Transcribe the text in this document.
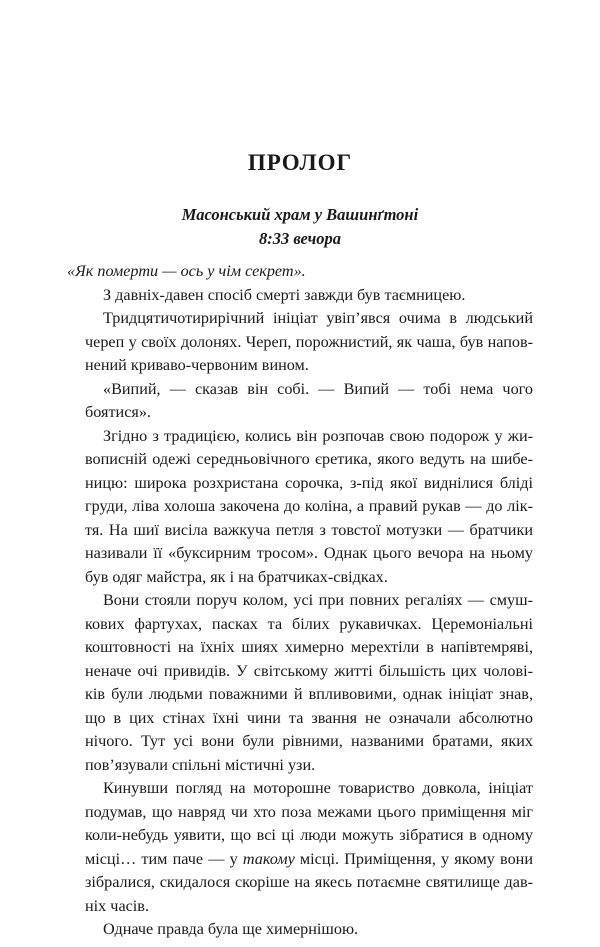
ПРОЛОГ
Масонський храм у Вашинґтоні
8:33 вечора

«Як померти — ось у чім секрет».

З давніх-давен спосіб смерті завжди був таємницею.

Тридцятичотирирічний ініціат увіп’явся очима в людський
череп у своїх долонях. Череп, порожнистий, як чаша, був напов-
нений криваво-червоним вином.

«Випий, — сказав він собі. — Випий — тобі нема чого боятися».

Згідно з традицією, колись він розпочав свою подорож у жи-
вописній одежі середньовічного єретика, якого ведуть на шибе-
ницю: широка розхристана сорочка, з-під якої виднілися бліді
груди, ліва холоша закочена до коліна, а правий рукав — до лік-
тя. На шиї висіла важкуча петля з товстої мотузки — братчики
називали її «буксирним тросом». Однак цього вечора на ньому
був одяг майстра, як і на братчиках-свідках.

Вони стояли поруч колом, усі при повних регаліях — смуш-
кових фартухах, пасках та білих рукавичках. Церемоніальні
коштовності на їхніх шиях химерно мерехтіли в напівтемряві,
неначе очі привидів. У світському житті більшість цих чолові-
ків були людьми поважними й впливовими, однак ініціат знав,
що в цих стінах їхні чини та звання не означали абсолютно
нічого. Тут усі вони були рівними, названими братами, яких
пов’язували спільні містичні узи.

Кинувши погляд на моторошне товариство довкола, ініціат
подумав, що навряд чи хто поза межами цього приміщення міг
коли-небудь уявити, що всі ці люди можуть зібратися в одному
місці… тим паче — у такому місці. Приміщення, у якому вони
зібралися, скидалося скоріше на якесь потаємне святилище дав-
ніх часів.

Одначе правда була ще химернішою.
